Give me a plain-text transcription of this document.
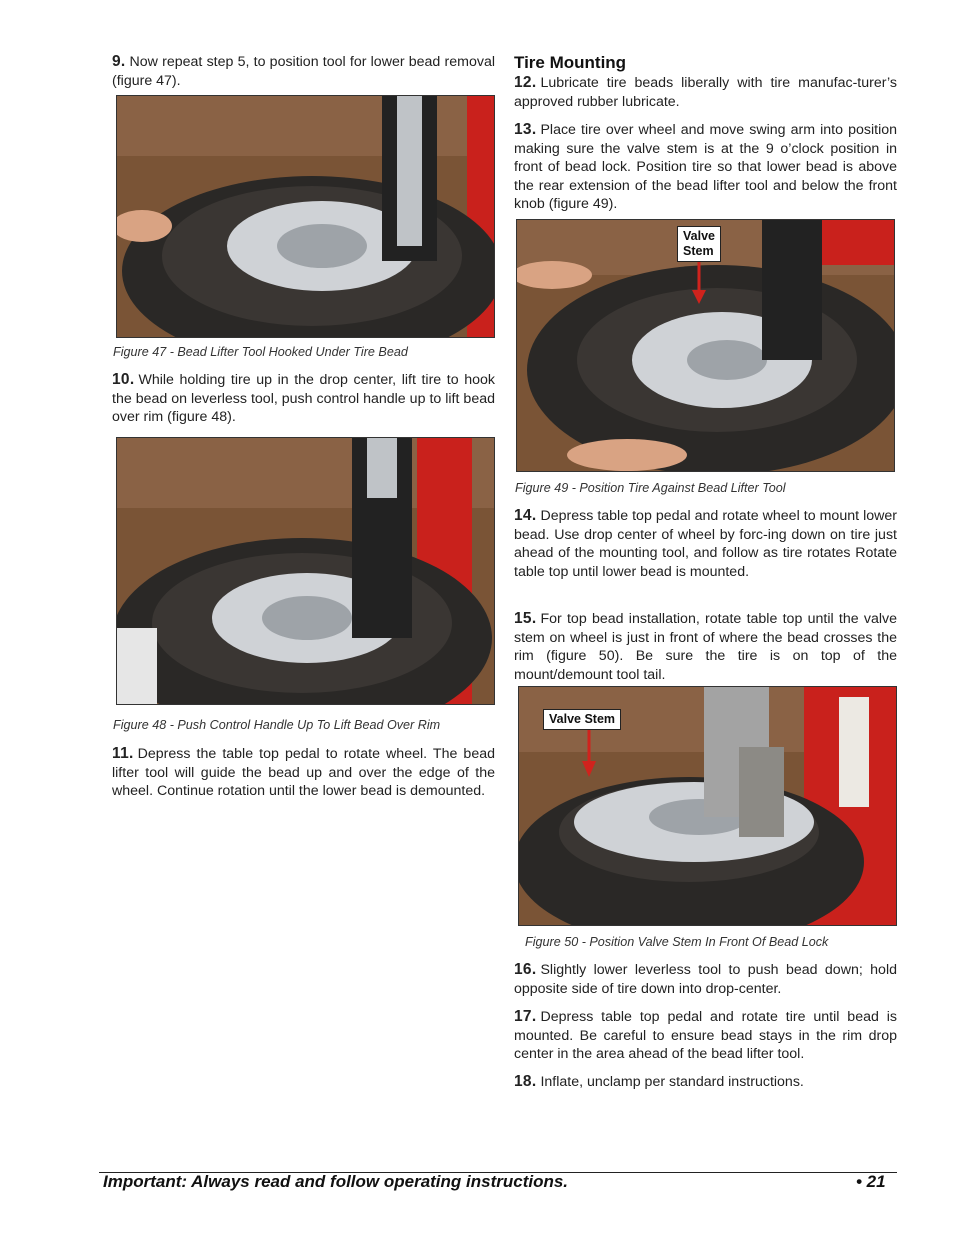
9. Now repeat step 5, to position tool for lower bead removal (figure 47).

Figure 47 - Bead Lifter Tool Hooked Under Tire Bead

10. While holding tire up in the drop center, lift tire to hook the bead on leverless tool, push control handle up to lift bead over rim (figure 48).

Figure 48 - Push Control Handle Up To Lift Bead Over Rim

11. Depress the table top pedal to rotate wheel. The bead lifter tool will guide the bead up and over the edge of the wheel. Continue rotation until the lower bead is demounted.

Tire Mounting

12. Lubricate tire beads liberally with tire manufac-turer’s approved rubber lubricate.

13. Place tire over wheel and move swing arm into position making sure the valve stem is at the 9 o’clock position in front of bead lock. Position tire so that lower bead is above the rear extension of the bead lifter tool and below the front knob (figure 49).

Valve
Stem

Figure 49 - Position Tire Against Bead Lifter Tool

14. Depress table top pedal and rotate wheel to mount lower bead. Use drop center of wheel by forc-ing down on tire just ahead of the mounting tool, and follow as tire rotates Rotate table top until lower bead is mounted.

15. For top bead installation, rotate table top until the valve stem on wheel is just in front of where the bead crosses the rim (figure 50). Be sure the tire is on top of the mount/demount tool tail.

Valve Stem

Figure 50 - Position Valve Stem In Front Of Bead Lock

16. Slightly lower leverless tool to push bead down; hold opposite side of tire down into drop-center.

17. Depress table top pedal and rotate tire until bead is mounted. Be careful to ensure bead stays in the rim drop center in the area ahead of the bead lifter tool.

18. Inflate, unclamp per standard instructions.

Important: Always read and follow operating instructions.	• 21
